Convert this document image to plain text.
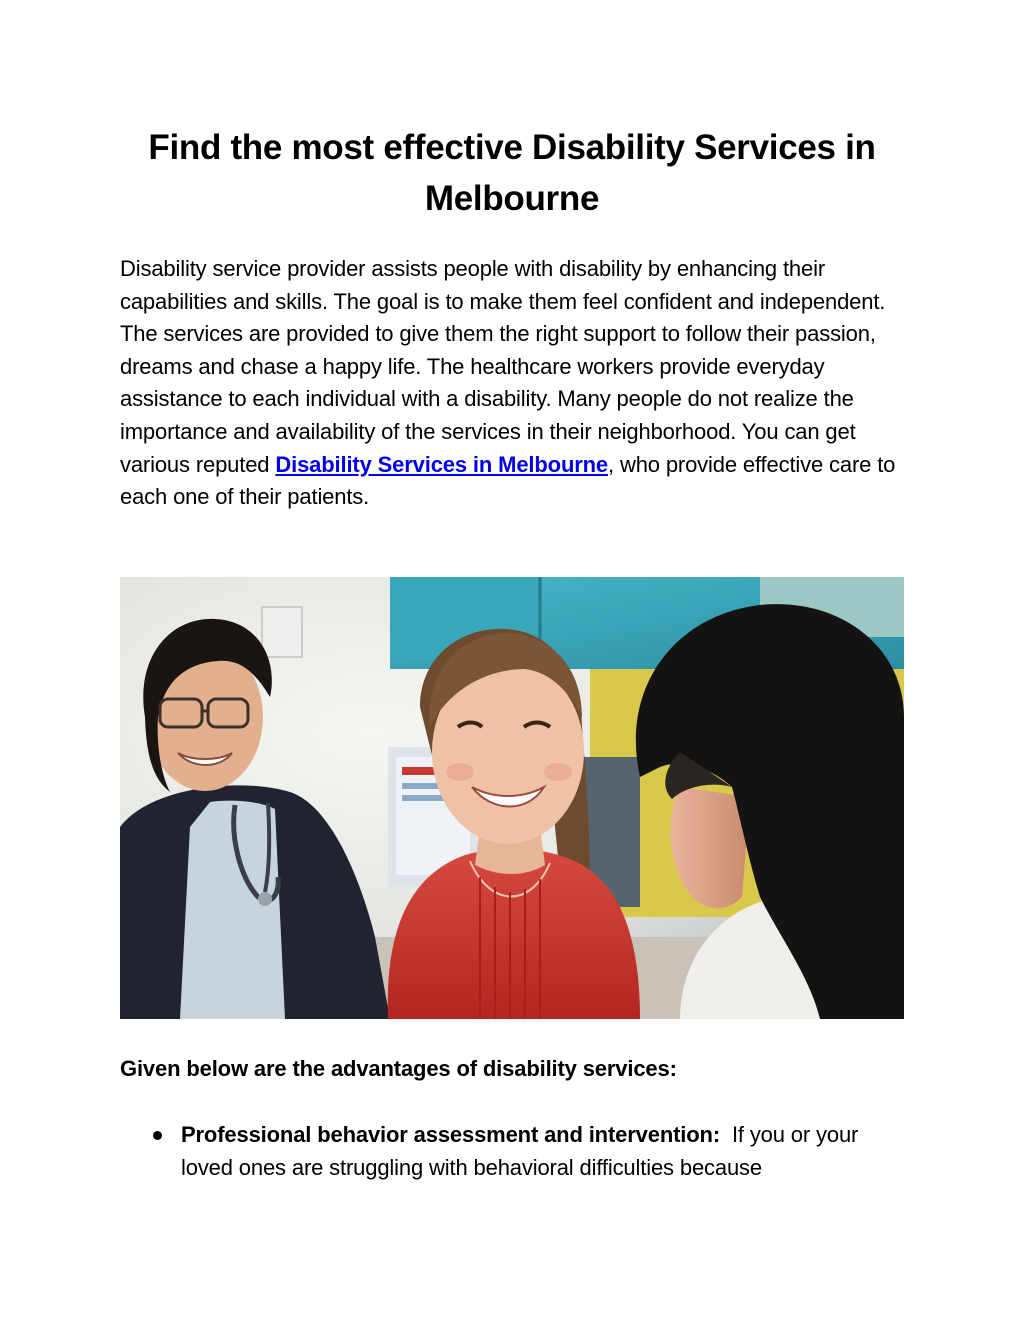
Find the most effective Disability Services in Melbourne

Disability service provider assists people with disability by enhancing their capabilities and skills. The goal is to make them feel confident and independent. The services are provided to give them the right support to follow their passion, dreams and chase a happy life. The healthcare workers provide everyday assistance to each individual with a disability. Many people do not realize the importance and availability of the services in their neighborhood. You can get various reputed Disability Services in Melbourne, who provide effective care to each one of their patients.

Given below are the advantages of disability services:

Professional behavior assessment and intervention: If you or your loved ones are struggling with behavioral difficulties because
